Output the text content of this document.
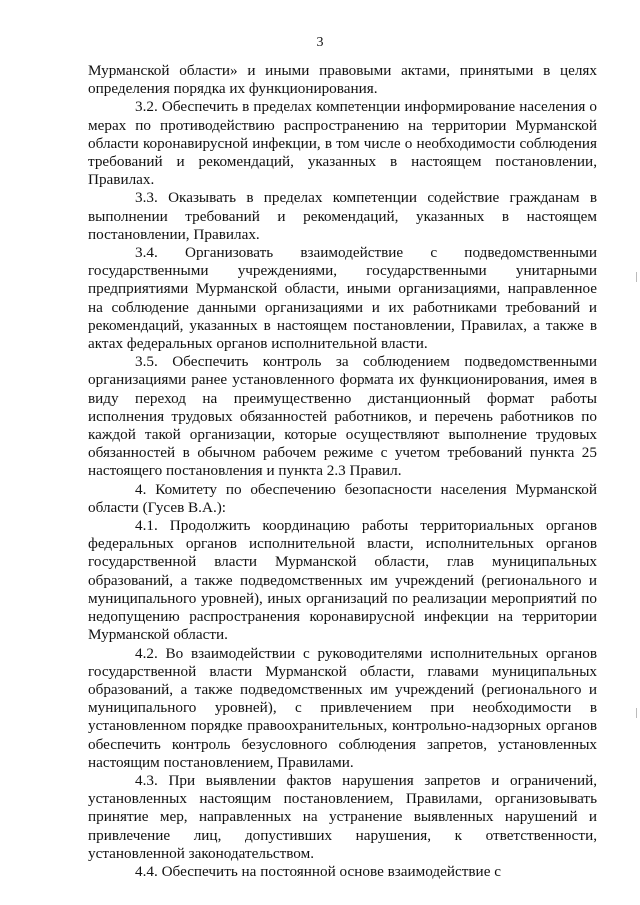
3

Мурманской области» и иными правовыми актами, принятыми в целях определения порядка их функционирования.

3.2. Обеспечить в пределах компетенции информирование населения о мерах по противодействию распространению на территории Мурманской области коронавирусной инфекции, в том числе о необходимости соблюдения требований и рекомендаций, указанных в настоящем постановлении, Правилах.

3.3. Оказывать в пределах компетенции содействие гражданам в выполнении требований и рекомендаций, указанных в настоящем постановлении, Правилах.

3.4. Организовать взаимодействие с подведомственными государственными учреждениями, государственными унитарными предприятиями Мурманской области, иными организациями, направленное на соблюдение данными организациями и их работниками требований и рекомендаций, указанных в настоящем постановлении, Правилах, а также в актах федеральных органов исполнительной власти.

3.5. Обеспечить контроль за соблюдением подведомственными организациями ранее установленного формата их функционирования, имея в виду переход на преимущественно дистанционный формат работы исполнения трудовых обязанностей работников, и перечень работников по каждой такой организации, которые осуществляют выполнение трудовых обязанностей в обычном рабочем режиме с учетом требований пункта 25 настоящего постановления и пункта 2.3 Правил.

4. Комитету по обеспечению безопасности населения Мурманской области (Гусев В.А.):

4.1. Продолжить координацию работы территориальных органов федеральных органов исполнительной власти, исполнительных органов государственной власти Мурманской области, глав муниципальных образований, а также подведомственных им учреждений (регионального и муниципального уровней), иных организаций по реализации мероприятий по недопущению распространения коронавирусной инфекции на территории Мурманской области.

4.2. Во взаимодействии с руководителями исполнительных органов государственной власти Мурманской области, главами муниципальных образований, а также подведомственных им учреждений (регионального и муниципального уровней), с привлечением при необходимости в установленном порядке правоохранительных, контрольно-надзорных органов обеспечить контроль безусловного соблюдения запретов, установленных настоящим постановлением, Правилами.

4.3. При выявлении фактов нарушения запретов и ограничений, установленных настоящим постановлением, Правилами, организовывать принятие мер, направленных на устранение выявленных нарушений и привлечение лиц, допустивших нарушения, к ответственности, установленной законодательством.

4.4. Обеспечить на постоянной основе взаимодействие с
